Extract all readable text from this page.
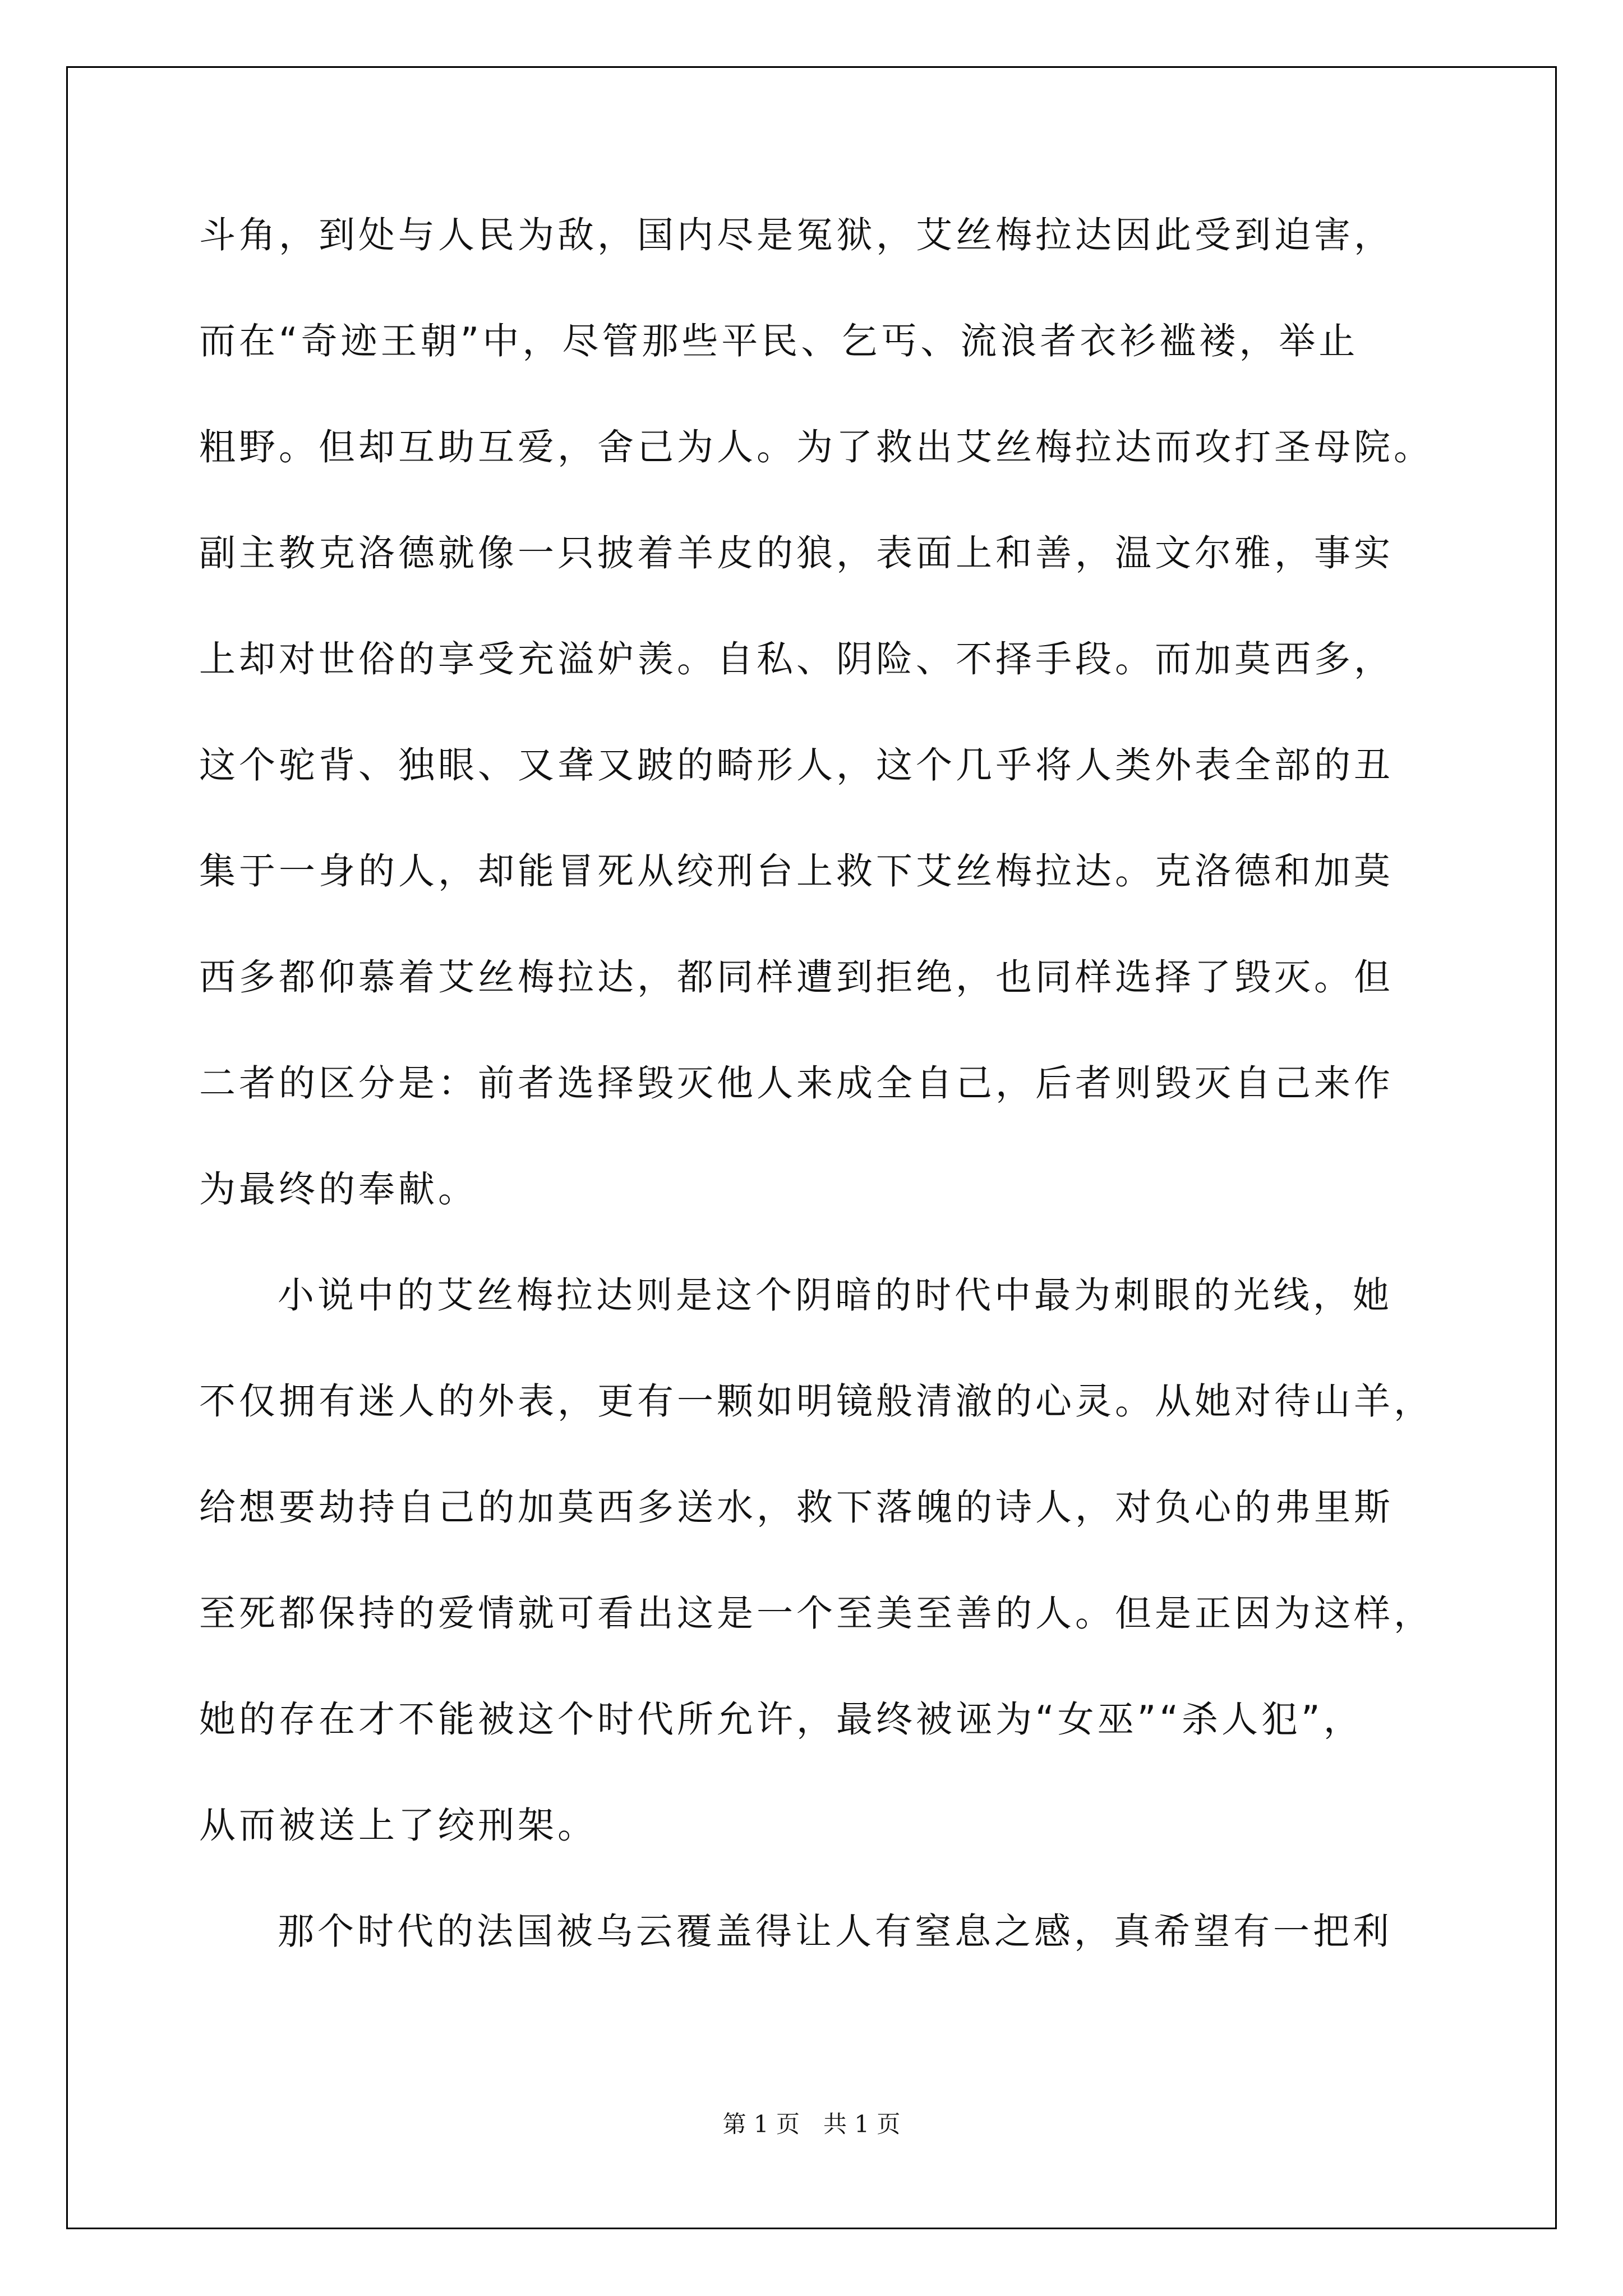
斗角，到处与人民为敌，国内尽是冤狱，艾丝梅拉达因此受到迫害，
而在“奇迹王朝”中，尽管那些平民、乞丐、流浪者衣衫褴褛，举止
粗野。但却互助互爱，舍己为人。为了救出艾丝梅拉达而攻打圣母院。
副主教克洛德就像一只披着羊皮的狼，表面上和善，温文尔雅，事实
上却对世俗的享受充溢妒羡。自私、阴险、不择手段。而加莫西多，
这个驼背、独眼、又聋又跛的畸形人，这个几乎将人类外表全部的丑
集于一身的人，却能冒死从绞刑台上救下艾丝梅拉达。克洛德和加莫
西多都仰慕着艾丝梅拉达，都同样遭到拒绝，也同样选择了毁灭。但
二者的区分是：前者选择毁灭他人来成全自己，后者则毁灭自己来作
为最终的奉献。
小说中的艾丝梅拉达则是这个阴暗的时代中最为刺眼的光线，她
不仅拥有迷人的外表，更有一颗如明镜般清澈的心灵。从她对待山羊，
给想要劫持自己的加莫西多送水，救下落魄的诗人，对负心的弗里斯
至死都保持的爱情就可看出这是一个至美至善的人。但是正因为这样，
她的存在才不能被这个时代所允许，最终被诬为“女巫”“杀人犯”，
从而被送上了绞刑架。
那个时代的法国被乌云覆盖得让人有窒息之感，真希望有一把利
第 1 页 共 1 页
